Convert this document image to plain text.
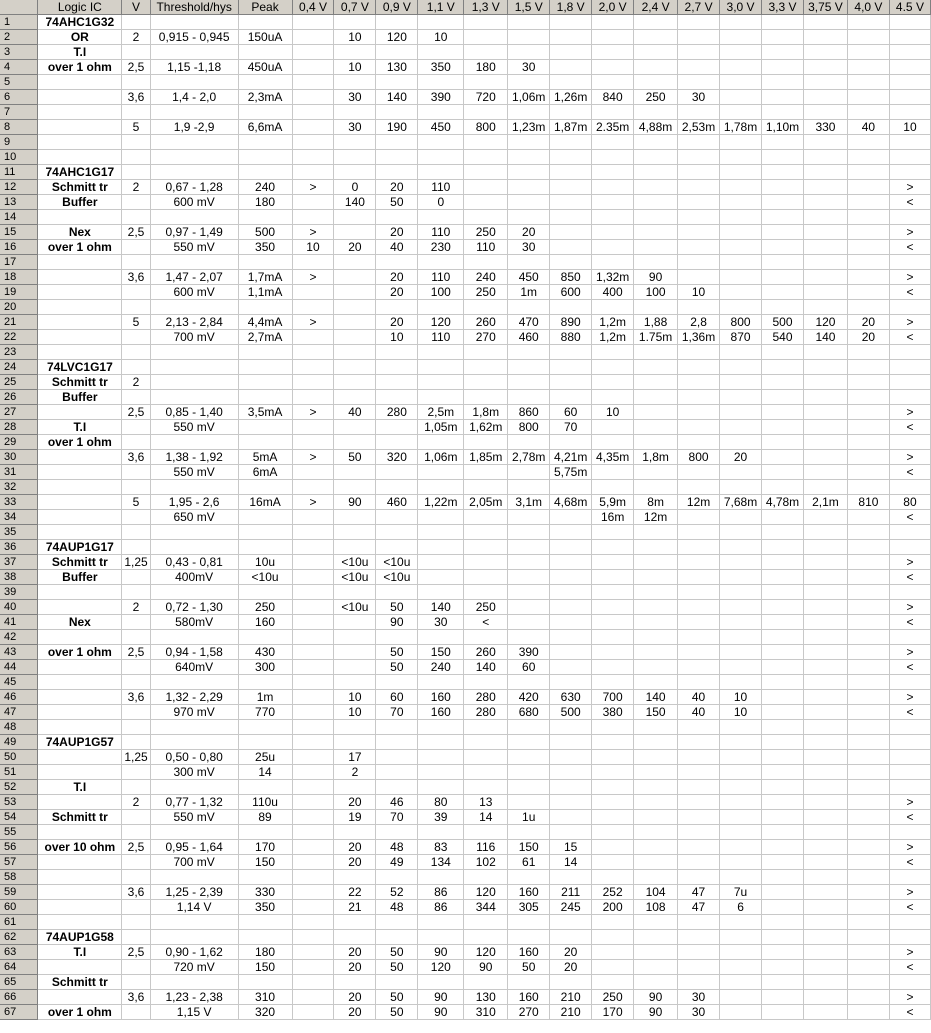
	Logic IC	V	Threshold/hys	Peak	0,4 V	0,7 V	0,9 V	1,1 V	1,3 V	1,5 V	1,8 V	2,0 V	2,4 V	2,7 V	3,0 V	3,3 V	3,75 V	4,0 V	4.5 V
1	74AHC1G32																		
2	OR	2	0,915 - 0,945	150uA		10	120	10											
3	T.I																		
4	over 1 ohm	2,5	1,15 -1,18	450uA		10	130	350	180	30									
5																			
6		3,6	1,4 - 2,0	2,3mA		30	140	390	720	1,06m	1,26m	840	250	30					
7																			
8		5	1,9 -2,9	6,6mA		30	190	450	800	1,23m	1,87m	2.35m	4,88m	2,53m	1,78m	1,10m	330	40	10
9																			
10																			
11	74AHC1G17																		
12	Schmitt tr	2	0,67 - 1,28	240	>	0	20	110											>
13	Buffer		600 mV	180		140	50	0											<
14																			
15	Nex	2,5	0,97 - 1,49	500	>		20	110	250	20									>
16	over 1 ohm		550 mV	350	10	20	40	230	110	30									<
17																			
18		3,6	1,47 - 2,07	1,7mA	>		20	110	240	450	850	1,32m	90						>
19			600 mV	1,1mA			20	100	250	1m	600	400	100	10					<
20																			
21		5	2,13 - 2,84	4,4mA	>		20	120	260	470	890	1,2m	1,88	2,8	800	500	120	20	>
22			700 mV	2,7mA			10	110	270	460	880	1,2m	1.75m	1,36m	870	540	140	20	<
23																			
24	74LVC1G17																		
25	Schmitt tr	2																	
26	Buffer																		
27		2,5	0,85 - 1,40	3,5mA	>	40	280	2,5m	1,8m	860	60	10							>
28	T.I		550 mV					1,05m	1,62m	800	70								<
29	over 1 ohm																		
30		3,6	1,38 - 1,92	5mA	>	50	320	1,06m	1,85m	2,78m	4,21m	4,35m	1,8m	800	20				>
31			550 mV	6mA							5,75m								<
32																			
33		5	1,95 - 2,6	16mA	>	90	460	1,22m	2,05m	3,1m	4,68m	5,9m	8m	12m	7,68m	4,78m	2,1m	810	80
34			650 mV									16m	12m						<
35																			
36	74AUP1G17																		
37	Schmitt tr	1,25	0,43 - 0,81	10u		<10u	<10u												>
38	Buffer		400mV	<10u		<10u	<10u												<
39																			
40		2	0,72 - 1,30	250		<10u	50	140	250										>
41	Nex		580mV	160			90	30	<										<
42																			
43	over 1 ohm	2,5	0,94 - 1,58	430			50	150	260	390									>
44			640mV	300			50	240	140	60									<
45																			
46		3,6	1,32 - 2,29	1m		10	60	160	280	420	630	700	140	40	10				>
47			970 mV	770		10	70	160	280	680	500	380	150	40	10				<
48																			
49	74AUP1G57																		
50		1,25	0,50 - 0,80	25u		17													
51			300 mV	14		2													
52	T.I																		
53		2	0,77 - 1,32	110u		20	46	80	13										>
54	Schmitt tr		550 mV	89		19	70	39	14	1u									<
55																			
56	over 10 ohm	2,5	0,95 - 1,64	170		20	48	83	116	150	15								>
57			700 mV	150		20	49	134	102	61	14								<
58																			
59		3,6	1,25 - 2,39	330		22	52	86	120	160	211	252	104	47	7u				>
60			1,14 V	350		21	48	86	344	305	245	200	108	47	6				<
61																			
62	74AUP1G58																		
63	T.I	2,5	0,90 - 1,62	180		20	50	90	120	160	20								>
64			720 mV	150		20	50	120	90	50	20								<
65	Schmitt tr																		
66		3,6	1,23 - 2,38	310		20	50	90	130	160	210	250	90	30					>
67	over 1 ohm		1,15 V	320		20	50	90	310	270	210	170	90	30					<
